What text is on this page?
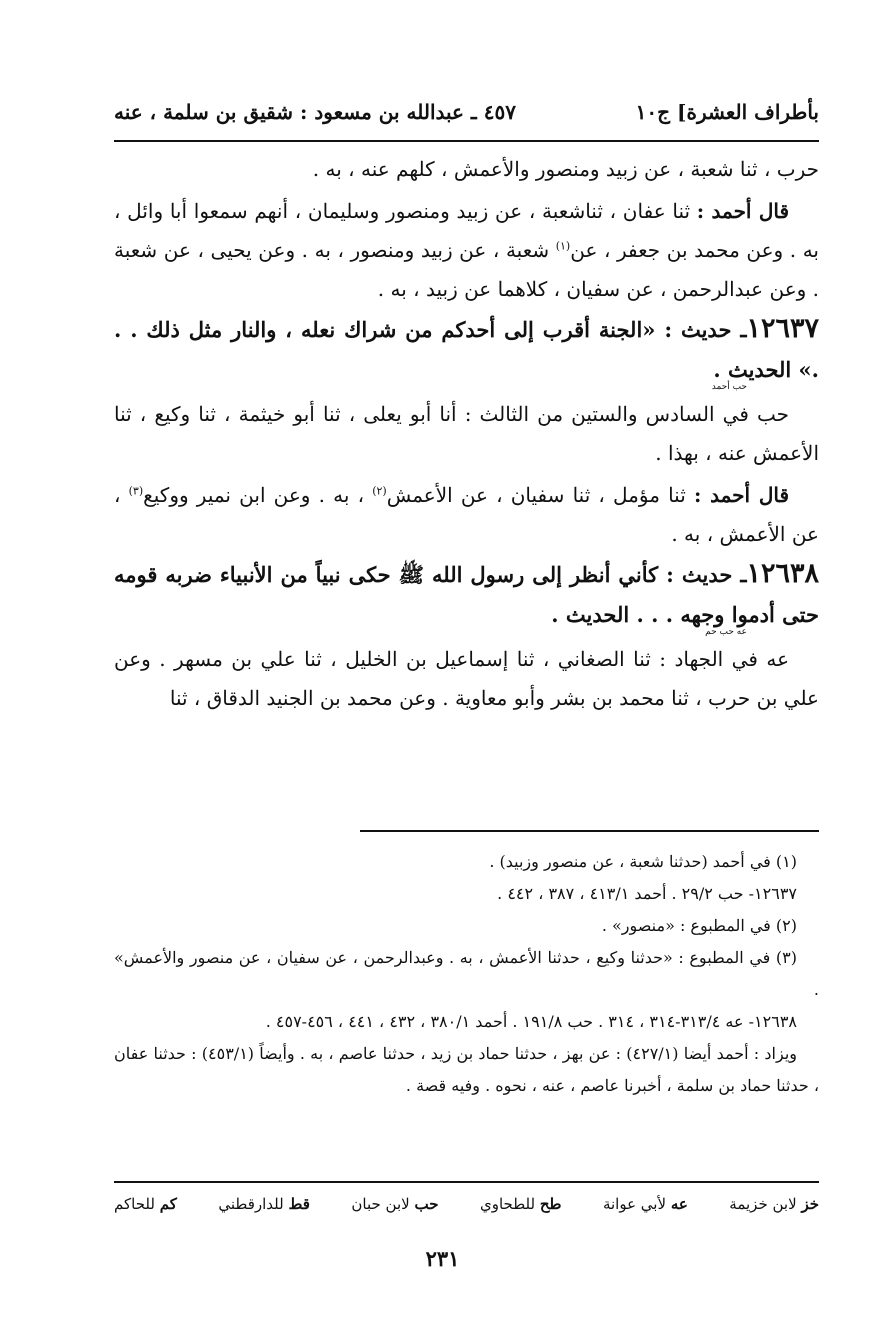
بأطراف العشرة] ج١٠
٤٥٧ ـ عبدالله بن مسعود : شقيق بن سلمة ، عنه

حرب ، ثنا شعبة ، عن زبيد ومنصور والأعمش ، كلهم عنه ، به .

قال أحمد : ثنا عفان ، ثناشعبة ، عن زبيد ومنصور وسليمان ، أنهم سمعوا أبا وائل ، به . وعن محمد بن جعفر ، عن$^{(١)}$ شعبة ، عن زبيد ومنصور ، به . وعن يحيى ، عن شعبة . وعن عبدالرحمن ، عن سفيان ، كلاهما عن زبيد ، به .

١٢٦٣٧ـ حديث : «الجنة أقرب إلى أحدكم من شراك نعله ، والنار مثل ذلك . . .» الحديث .
حب أحمد

حب في السادس والستين من الثالث : أنا أبو يعلى ، ثنا أبو خيثمة ، ثنا وكيع ، ثنا الأعمش عنه ، بهذا .

قال أحمد : ثنا مؤمل ، ثنا سفيان ، عن الأعمش$^{(٢)}$ ، به . وعن ابن نمير ووكيع$^{(٣)}$ ، عن الأعمش ، به .

١٢٦٣٨ـ حديث : كأني أنظر إلى رسول الله ﷺ حكى نبياً من الأنبياء ضربه قومه حتى أدموا وجهه . . . الحديث .
عه حب حم

عه في الجهاد : ثنا الصغاني ، ثنا إسماعيل بن الخليل ، ثنا علي بن مسهر . وعن علي بن حرب ، ثنا محمد بن بشر وأبو معاوية . وعن محمد بن الجنيد الدقاق ، ثنا

(١) في أحمد (حدثنا شعبة ، عن منصور وزبيد) .

١٢٦٣٧- حب ٢٩/٢ . أحمد ٤١٣/١ ، ٣٨٧ ، ٤٤٢ .

(٢) في المطبوع : «منصور» .

(٣) في المطبوع : «حدثنا وكيع ، حدثنا الأعمش ، به . وعبدالرحمن ، عن سفيان ، عن منصور والأعمش» .

١٢٦٣٨- عه ٣١٣/٤-٣١٤ ، ٣١٤ . حب ١٩١/٨ . أحمد ٣٨٠/١ ، ٤٣٢ ، ٤٤١ ، ٤٥٦-٤٥٧ .

ويزاد : أحمد أيضا (٤٢٧/١) : عن بهز ، حدثنا حماد بن زيد ، حدثنا عاصم ، به . وأيضاً (٤٥٣/١) : حدثنا عفان ، حدثنا حماد بن سلمة ، أخبرنا عاصم ، عنه ، نحوه . وفيه قصة .

خز لابن خزيمة
عه لأبي عوانة
طح للطحاوي
حب لابن حبان
قط للدارقطني
كم للحاكم
٢٣١
